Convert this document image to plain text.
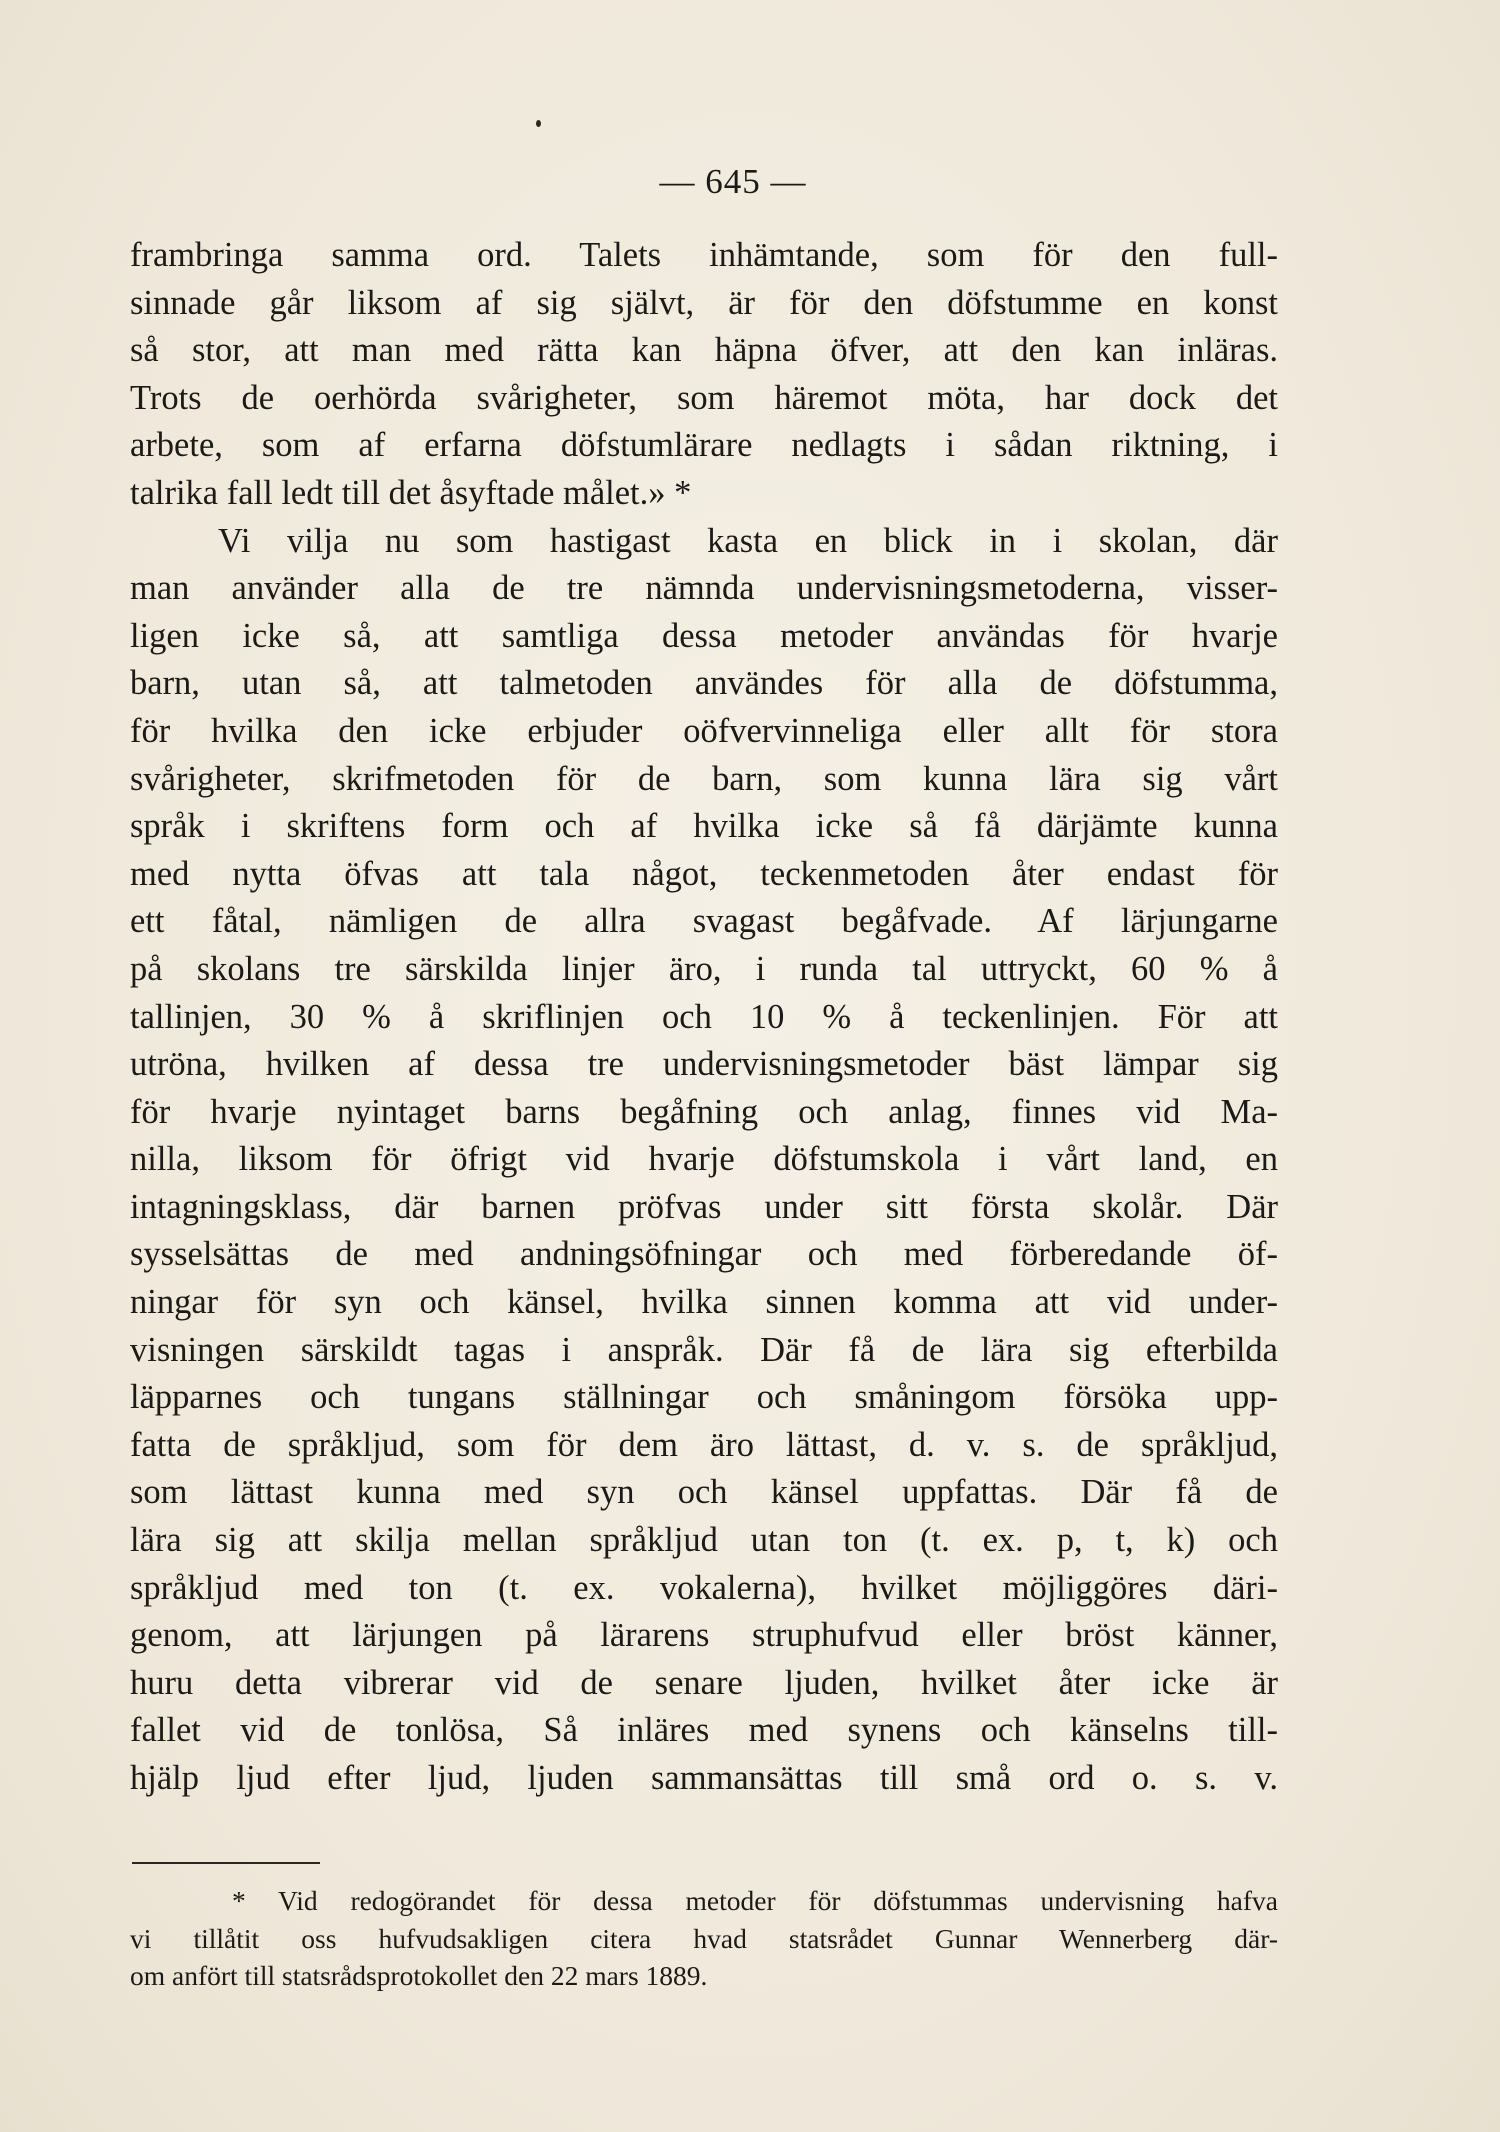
— 645 —
frambringa samma ord. Talets inhämtande, som för den full-
sinnade går liksom af sig självt, är för den döfstumme en konst
så stor, att man med rätta kan häpna öfver, att den kan inläras.
Trots de oerhörda svårigheter, som häremot möta, har dock det
arbete, som af erfarna döfstumlärare nedlagts i sådan riktning, i
talrika fall ledt till det åsyftade målet.» *
Vi vilja nu som hastigast kasta en blick in i skolan, där
man använder alla de tre nämnda undervisningsmetoderna, visser-
ligen icke så, att samtliga dessa metoder användas för hvarje
barn, utan så, att talmetoden användes för alla de döfstumma,
för hvilka den icke erbjuder oöfvervinneliga eller allt för stora
svårigheter, skrifmetoden för de barn, som kunna lära sig vårt
språk i skriftens form och af hvilka icke så få därjämte kunna
med nytta öfvas att tala något, teckenmetoden åter endast för
ett fåtal, nämligen de allra svagast begåfvade. Af lärjungarne
på skolans tre särskilda linjer äro, i runda tal uttryckt, 60 % å
tallinjen, 30 % å skriflinjen och 10 % å teckenlinjen. För att
utröna, hvilken af dessa tre undervisningsmetoder bäst lämpar sig
för hvarje nyintaget barns begåfning och anlag, finnes vid Ma-
nilla, liksom för öfrigt vid hvarje döfstumskola i vårt land, en
intagningsklass, där barnen pröfvas under sitt första skolår. Där
sysselsättas de med andningsöfningar och med förberedande öf-
ningar för syn och känsel, hvilka sinnen komma att vid under-
visningen särskildt tagas i anspråk. Där få de lära sig efterbilda
läpparnes och tungans ställningar och småningom försöka upp-
fatta de språkljud, som för dem äro lättast, d. v. s. de språkljud,
som lättast kunna med syn och känsel uppfattas. Där få de
lära sig att skilja mellan språkljud utan ton (t. ex. p, t, k) och
språkljud med ton (t. ex. vokalerna), hvilket möjliggöres däri-
genom, att lärjungen på lärarens struphufvud eller bröst känner,
huru detta vibrerar vid de senare ljuden, hvilket åter icke är
fallet vid de tonlösa, Så inläres med synens och känselns till-
hjälp ljud efter ljud, ljuden sammansättas till små ord o. s. v.
* Vid redogörandet för dessa metoder för döfstummas undervisning hafva
vi tillåtit oss hufvudsakligen citera hvad statsrådet Gunnar Wennerberg där-
om anfört till statsrådsprotokollet den 22 mars 1889.
